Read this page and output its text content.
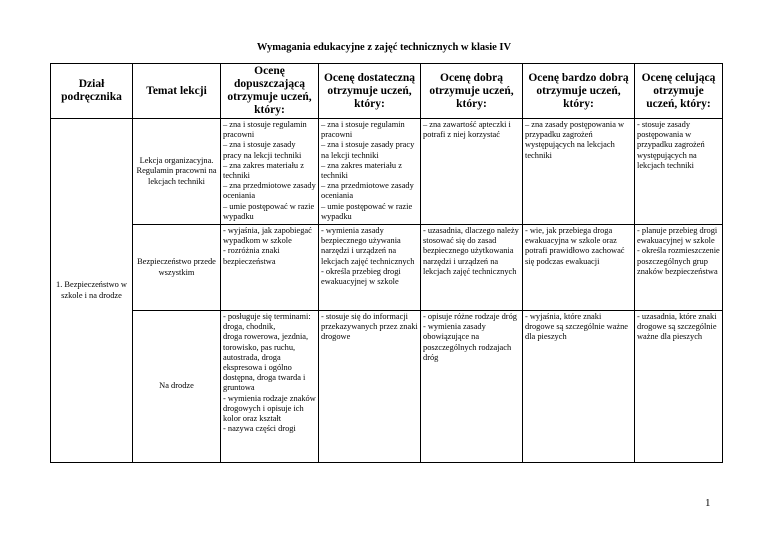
Wymagania edukacyjne z zajęć technicznych w klasie IV
Dział podręcznika	Temat lekcji	Ocenę dopuszczającą otrzymuje uczeń, który:	Ocenę dostateczną otrzymuje uczeń, który:	Ocenę dobrą otrzymuje uczeń, który:	Ocenę bardzo dobrą otrzymuje uczeń, który:	Ocenę celującą otrzymuje uczeń, który:
1. Bezpieczeństwo w szkole i na drodze	Lekcja organizacyjna. Regulamin pracowni na lekcjach techniki	– zna i stosuje regulamin pracowni
– zna i stosuje zasady pracy na lekcji techniki
– zna zakres materiału z techniki
– zna przedmiotowe zasady oceniania
– umie postępować w razie wypadku	– zna i stosuje regulamin pracowni
– zna i stosuje zasady pracy na lekcji techniki
– zna zakres materiału z techniki
– zna przedmiotowe zasady oceniania
– umie postępować w razie wypadku	– zna zawartość apteczki i potrafi z niej korzystać	– zna zasady postępowania w przypadku zagrożeń występujących na lekcjach techniki	- stosuje zasady postępowania w przypadku zagrożeń występujących na lekcjach techniki

	Bezpieczeństwo przede wszystkim	- wyjaśnia, jak zapobiegać wypadkom w szkole
- rozróżnia znaki bezpieczeństwa	- wymienia zasady bezpiecznego używania narzędzi i urządzeń na lekcjach zajęć technicznych
- określa przebieg drogi ewakuacyjnej w szkole	- uzasadnia, dlaczego należy stosować się do zasad bezpiecznego użytkowania narzędzi i urządzeń na lekcjach zajęć technicznych	- wie, jak przebiega droga ewakuacyjna w szkole oraz potrafi prawidłowo zachować się podczas ewakuacji	- planuje przebieg drogi ewakuacyjnej w szkole
- określa rozmieszczenie poszczególnych grup znaków bezpieczeństwa

	Na drodze	- posługuje się terminami: droga, chodnik,
droga rowerowa, jezdnia, torowisko, pas ruchu, autostrada, droga ekspresowa i ogólno dostępna, droga twarda i gruntowa
- wymienia rodzaje znaków drogowych i opisuje ich kolor oraz kształt
- nazywa części drogi	- stosuje się do informacji przekazywanych przez znaki drogowe	- opisuje różne rodzaje dróg
- wymienia zasady obowiązujące na poszczególnych rodzajach dróg	- wyjaśnia, które znaki drogowe są szczególnie ważne dla pieszych	- uzasadnia, które znaki drogowe są szczególnie ważne dla pieszych
1
